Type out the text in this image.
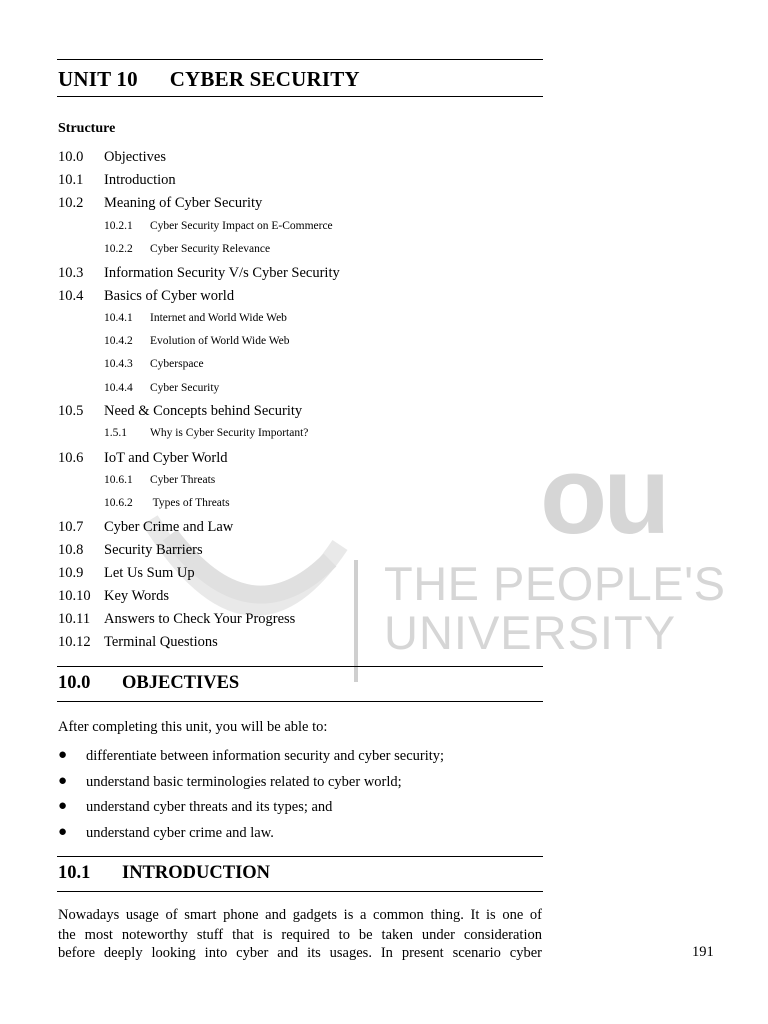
ou
THE PEOPLE'S
UNIVERSITY
UNIT 10 CYBER SECURITY
Structure
10.0 Objectives
10.1 Introduction
10.2 Meaning of Cyber Security
10.2.1 Cyber Security Impact on E-Commerce
10.2.2 Cyber Security Relevance
10.3 Information Security V/s Cyber Security
10.4 Basics of Cyber world
10.4.1 Internet and World Wide Web
10.4.2 Evolution of World Wide Web
10.4.3 Cyberspace
10.4.4 Cyber Security
10.5 Need & Concepts behind Security
1.5.1 Why is Cyber Security Important?
10.6 IoT and Cyber World
10.6.1 Cyber Threats
10.6.2 Types of Threats
10.7 Cyber Crime and Law
10.8 Security Barriers
10.9 Let Us Sum Up
10.10 Key Words
10.11 Answers to Check Your Progress
10.12 Terminal Questions
10.0 OBJECTIVES
After completing this unit, you will be able to:
● differentiate between information security and cyber security;
● understand basic terminologies related to cyber world;
● understand cyber threats and its types; and
● understand cyber crime and law.
10.1 INTRODUCTION
Nowadays usage of smart phone and gadgets is a common thing. It is one of
the most noteworthy stuff that is required to be taken under consideration
before deeply looking into cyber and its usages. In present scenario cyber	191
